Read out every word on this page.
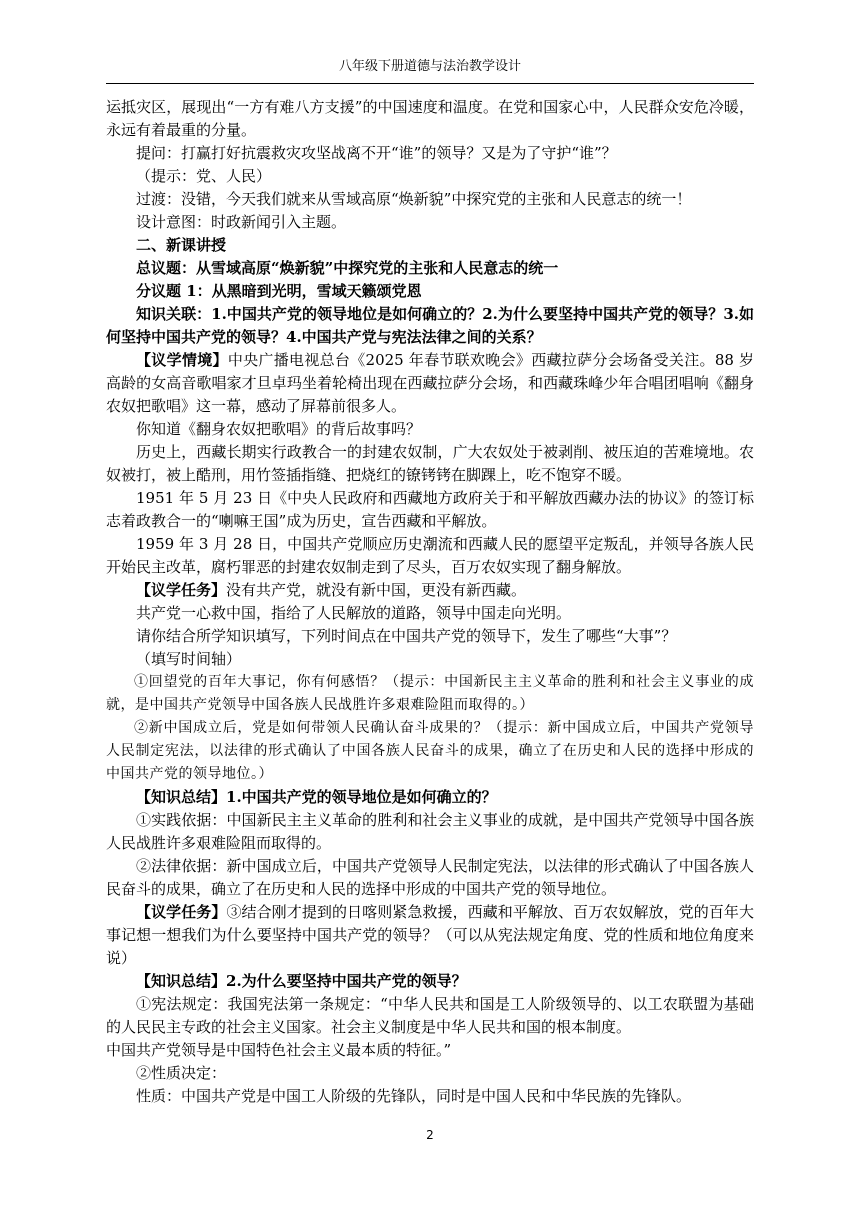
八年级下册道德与法治教学设计

运抵灾区，展现出“一方有难八方支援”的中国速度和温度。在党和国家心中，人民群众安危冷暖，永远有着最重的分量。

提问：打赢打好抗震救灾攻坚战离不开“谁”的领导？又是为了守护“谁”？

（提示：党、人民）

过渡：没错，今天我们就来从雪域高原“焕新貌”中探究党的主张和人民意志的统一！

设计意图：时政新闻引入主题。

二、新课讲授

总议题：从雪域高原“焕新貌”中探究党的主张和人民意志的统一

分议题 1：从黑暗到光明，雪域天籁颂党恩

知识关联：1.中国共产党的领导地位是如何确立的？2.为什么要坚持中国共产党的领导？3.如何坚持中国共产党的领导？4.中国共产党与宪法法律之间的关系？

【议学情境】中央广播电视总台《2025 年春节联欢晚会》西藏拉萨分会场备受关注。88 岁高龄的女高音歌唱家才旦卓玛坐着轮椅出现在西藏拉萨分会场，和西藏珠峰少年合唱团唱响《翻身农奴把歌唱》这一幕，感动了屏幕前很多人。

你知道《翻身农奴把歌唱》的背后故事吗？

历史上，西藏长期实行政教合一的封建农奴制，广大农奴处于被剥削、被压迫的苦难境地。农奴被打，被上酷刑，用竹签插指缝、把烧红的镣铐铐在脚踝上，吃不饱穿不暖。

1951 年 5 月 23 日《中央人民政府和西藏地方政府关于和平解放西藏办法的协议》的签订标志着政教合一的“喇嘛王国”成为历史，宣告西藏和平解放。

1959 年 3 月 28 日，中国共产党顺应历史潮流和西藏人民的愿望平定叛乱，并领导各族人民开始民主改革，腐朽罪恶的封建农奴制走到了尽头，百万农奴实现了翻身解放。

【议学任务】没有共产党，就没有新中国，更没有新西藏。

共产党一心救中国，指给了人民解放的道路，领导中国走向光明。

请你结合所学知识填写，下列时间点在中国共产党的领导下，发生了哪些“大事”？

（填写时间轴）

①回望党的百年大事记，你有何感悟？（提示：中国新民主主义革命的胜利和社会主义事业的成就，是中国共产党领导中国各族人民战胜许多艰难险阻而取得的。）

②新中国成立后，党是如何带领人民确认奋斗成果的？（提示：新中国成立后，中国共产党领导人民制定宪法，以法律的形式确认了中国各族人民奋斗的成果，确立了在历史和人民的选择中形成的中国共产党的领导地位。）

【知识总结】1.中国共产党的领导地位是如何确立的？

①实践依据：中国新民主主义革命的胜利和社会主义事业的成就，是中国共产党领导中国各族人民战胜许多艰难险阻而取得的。

②法律依据：新中国成立后，中国共产党领导人民制定宪法，以法律的形式确认了中国各族人民奋斗的成果，确立了在历史和人民的选择中形成的中国共产党的领导地位。

【议学任务】③结合刚才提到的日喀则紧急救援，西藏和平解放、百万农奴解放，党的百年大事记想一想我们为什么要坚持中国共产党的领导？（可以从宪法规定角度、党的性质和地位角度来说）

【知识总结】2.为什么要坚持中国共产党的领导？

①宪法规定：我国宪法第一条规定：“中华人民共和国是工人阶级领导的、以工农联盟为基础的人民民主专政的社会主义国家。社会主义制度是中华人民共和国的根本制度。

中国共产党领导是中国特色社会主义最本质的特征。”

②性质决定：

性质：中国共产党是中国工人阶级的先锋队，同时是中国人民和中华民族的先锋队。

2
